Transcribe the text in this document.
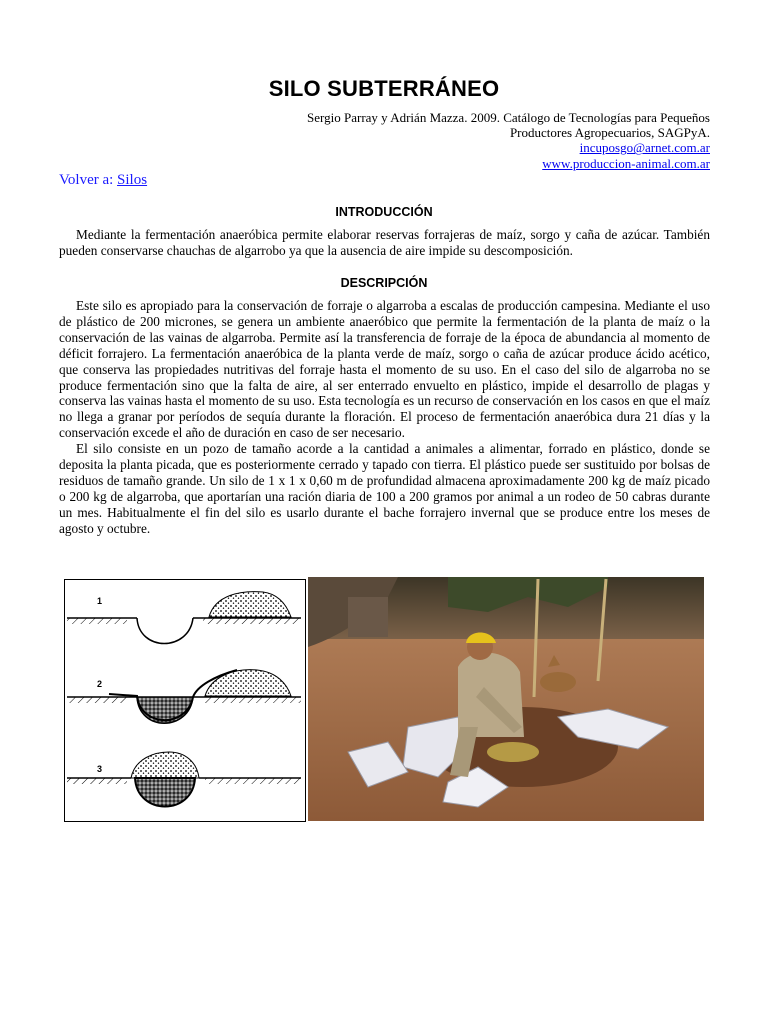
SILO SUBTERRÁNEO
Sergio Parray y Adrián Mazza. 2009. Catálogo de Tecnologías para Pequeños
Productores Agropecuarios, SAGPyA.
incuposgo@arnet.com.ar
www.produccion-animal.com.ar
Volver a: Silos
INTRODUCCIÓN

Mediante la fermentación anaeróbica permite elaborar reservas forrajeras de maíz, sorgo y caña de azúcar. También pueden conservarse chauchas de algarrobo ya que la ausencia de aire impide su descomposición.

DESCRIPCIÓN

Este silo es apropiado para la conservación de forraje o algarroba a escalas de producción campesina. Mediante el uso de plástico de 200 micrones, se genera un ambiente anaeróbico que permite la fermentación de la planta de maíz o la conservación de las vainas de algarroba. Permite así la transferencia de forraje de la época de abundancia al momento de déficit forrajero. La fermentación anaeróbica de la planta verde de maíz, sorgo o caña de azúcar produce ácido acético, que conserva las propiedades nutritivas del forraje hasta el momento de su uso. En el caso del silo de algarroba no se produce fermentación sino que la falta de aire, al ser enterrado envuelto en plástico, impide el desarrollo de plagas y conserva las vainas hasta el momento de su uso. Esta tecnología es un recurso de conservación en los casos en que el maíz no llega a granar por períodos de sequía durante la floración. El proceso de fermentación anaeróbica dura 21 días y la conservación excede el año de duración en caso de ser necesario.

El silo consiste en un pozo de tamaño acorde a la cantidad a animales a alimentar, forrado en plástico, donde se deposita la planta picada, que es posteriormente cerrado y tapado con tierra. El plástico puede ser sustituido por bolsas de residuos de tamaño grande. Un silo de 1 x 1 x 0,60 m de profundidad almacena aproximadamente 200 kg de maíz picado o 200 kg de algarroba, que aportarían una ración diaria de 100 a 200 gramos por animal a un rodeo de 50 cabras durante un mes. Habitualmente el fin del silo es usarlo durante el bache forrajero invernal que se produce entre los meses de agosto y octubre.

1
2
3
